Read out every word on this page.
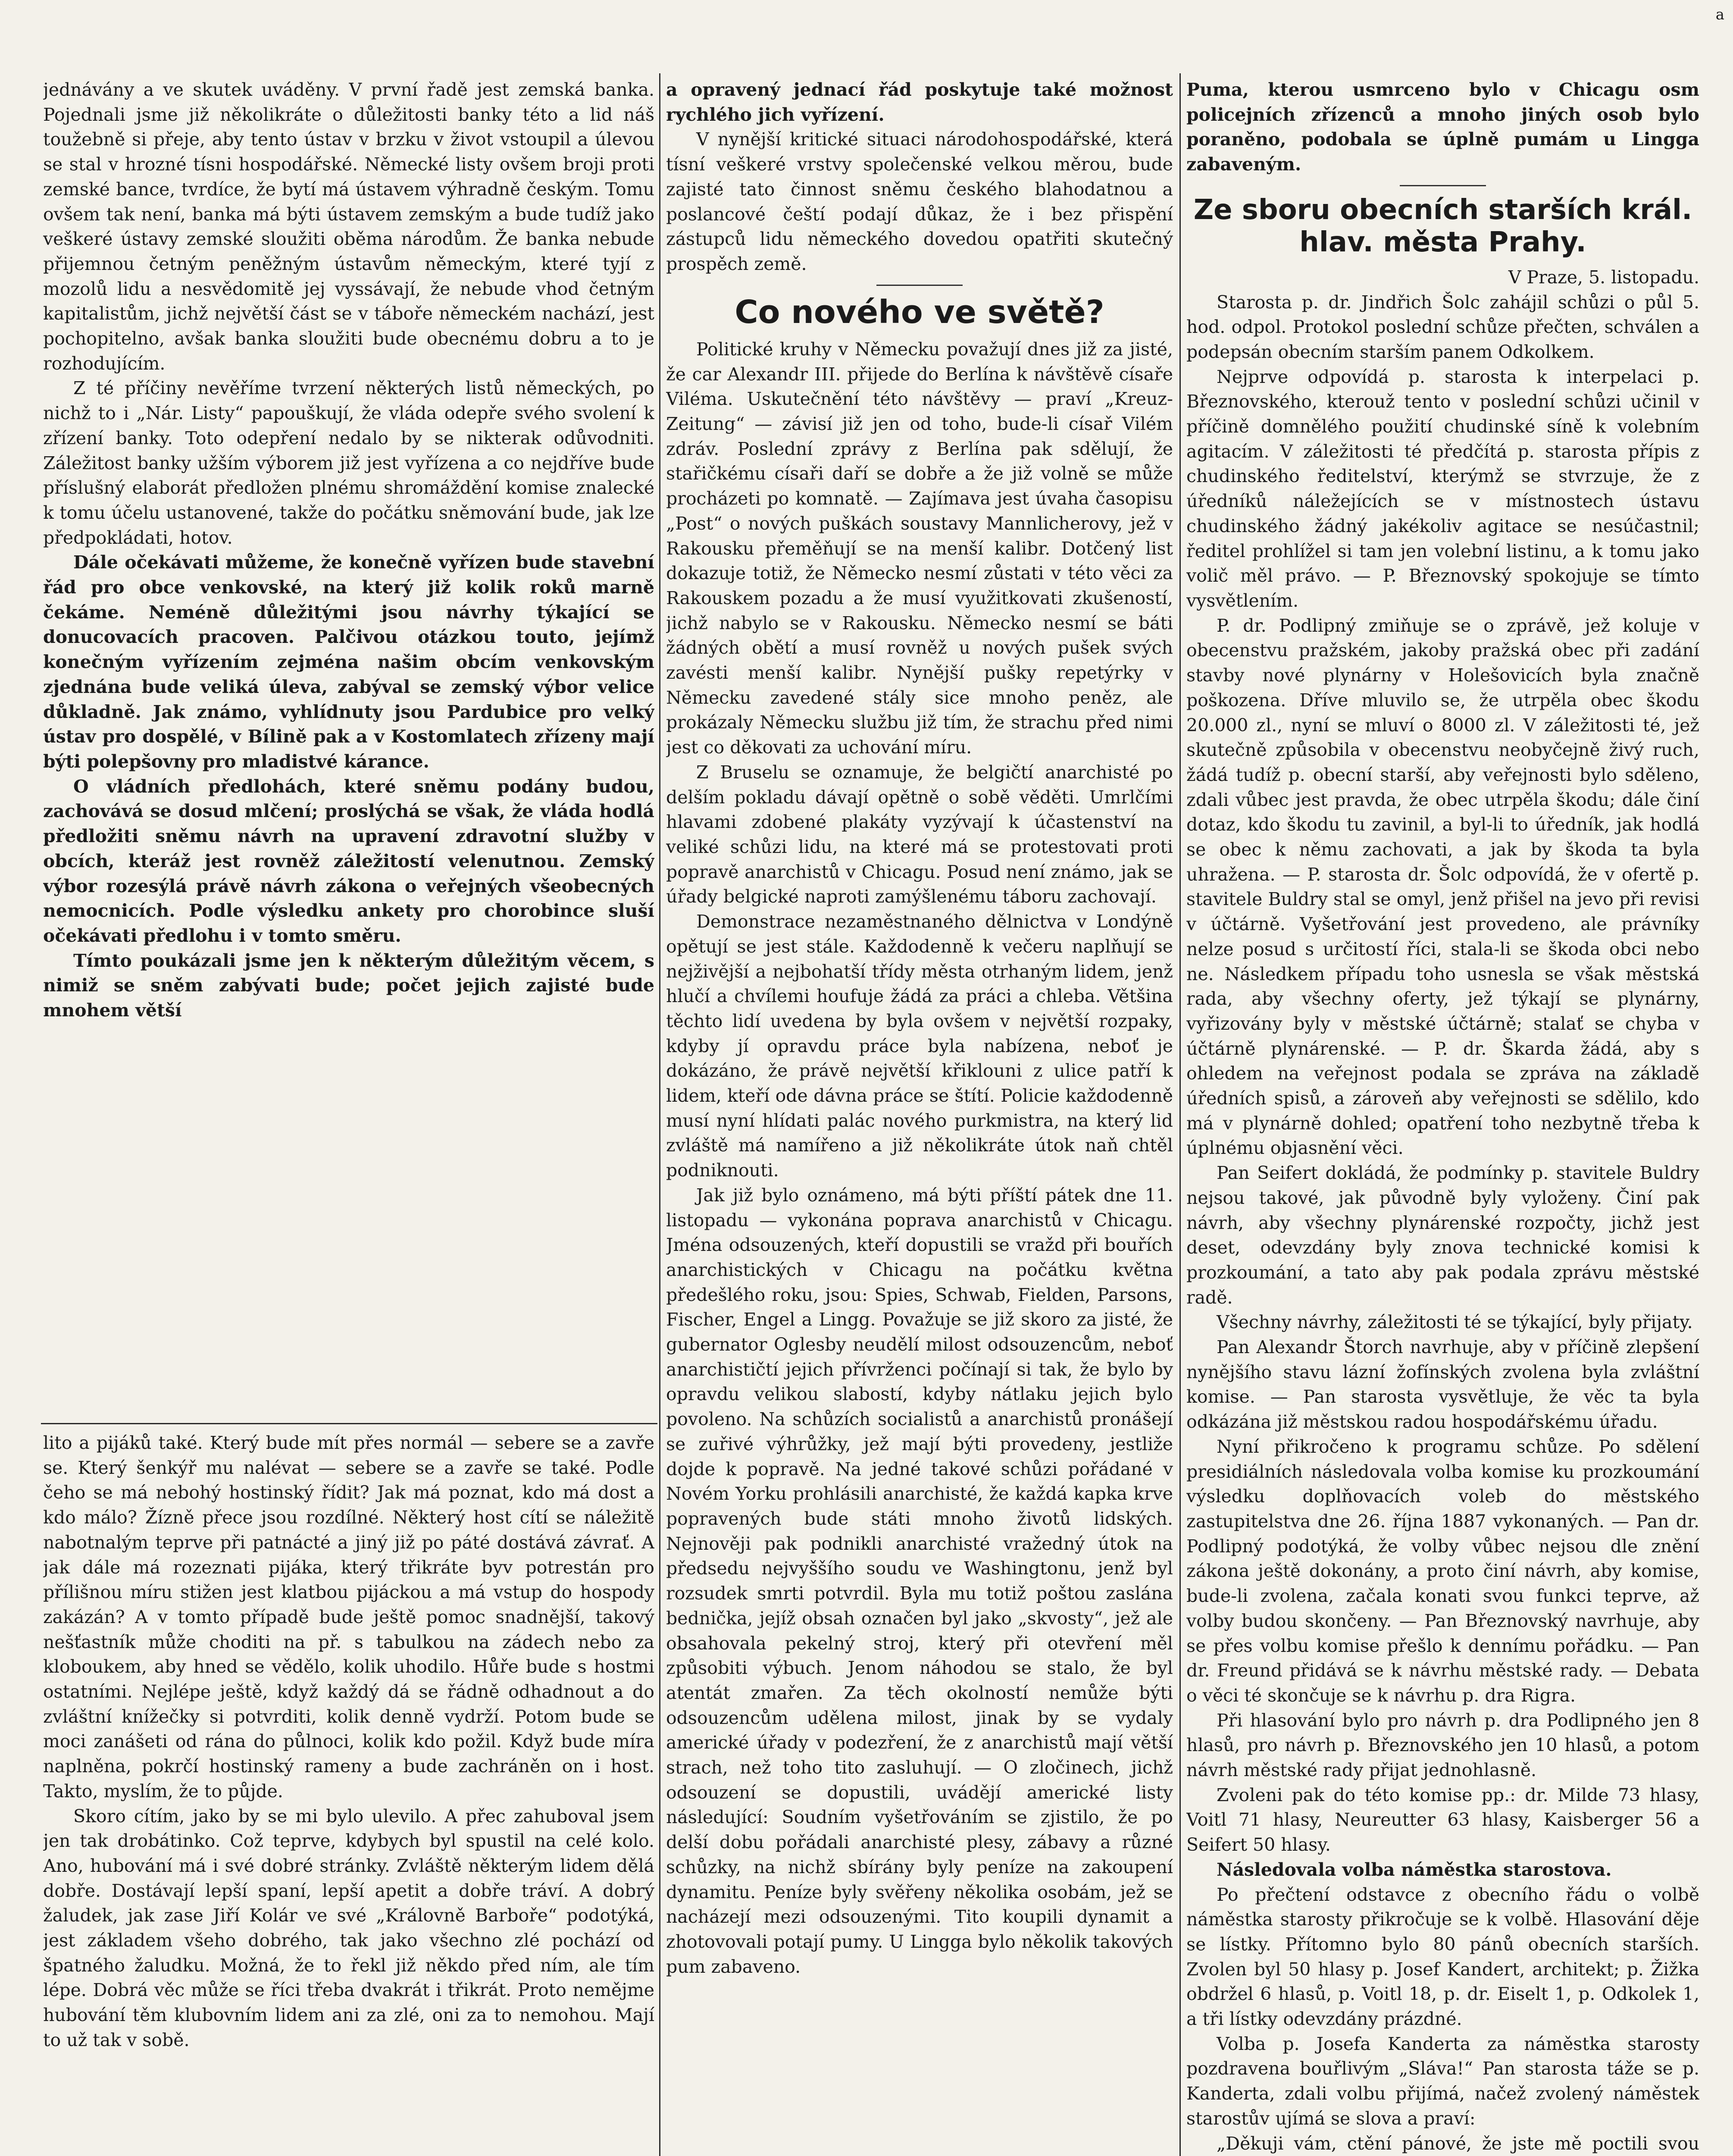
a

jednávány a ve skutek uváděny. V první řadě jest zemská banka. Pojednali jsme již několikráte o důležitosti banky této a lid náš toužebně si přeje, aby tento ústav v brzku v život vstoupil a úlevou se stal v hrozné tísni hospodářské. Německé listy ovšem broji proti zemské bance, tvrdíce, že bytí má ústavem výhradně českým. Tomu ovšem tak není, banka má býti ústavem zemským a bude tudíž jako veškeré ústavy zemské sloužiti oběma národům. Že banka nebude přijemnou četným peněžným ústavům německým, které tyjí z mozolů lidu a nesvědomitě jej vyssávají, že nebude vhod četným kapitalistům, jichž největší část se v táboře německém nachází, jest pochopitelno, avšak banka sloužiti bude obecnému dobru a to je rozhodujícím.

Z té příčiny nevěříme tvrzení některých listů německých, po nichž to i „Nár. Listy“ papouškují, že vláda odepře svého svolení k zřízení banky. Toto odepření nedalo by se nikterak odůvodniti. Záležitost banky užším výborem již jest vyřízena a co nejdříve bude příslušný elaborát předložen plnému shromáždění komise znalecké k tomu účelu ustanovené, takže do počátku sněmování bude, jak lze předpokládati, hotov.

Dále očekávati můžeme, že konečně vyřízen bude stavební řád pro obce venkovské, na který již kolik roků marně čekáme. Neméně důležitými jsou návrhy týkající se donucovacích pracoven. Palčivou otázkou touto, jejímž konečným vyřízením zejména našim obcím venkovským zjednána bude veliká úleva, zabýval se zemský výbor velice důkladně. Jak známo, vyhlídnuty jsou Pardubice pro velký ústav pro dospělé, v Bílině pak a v Kostomlatech zřízeny mají býti polepšovny pro mladistvé kárance.

O vládních předlohách, které sněmu podány budou, zachovává se dosud mlčení; proslýchá se však, že vláda hodlá předložiti sněmu návrh na upravení zdravotní služby v obcích, kteráž jest rovněž záležitostí velenutnou. Zemský výbor rozesýlá právě návrh zákona o veřejných všeobecných nemocnicích. Podle výsledku ankety pro chorobince sluší očekávati předlohu i v tomto směru.

Tímto poukázali jsme jen k některým důležitým věcem, s nimiž se sněm zabývati bude; počet jejich zajisté bude mnohem větší

lito a pijáků také. Který bude mít přes normál — sebere se a zavře se. Který šenkýř mu nalévat — sebere se a zavře se také. Podle čeho se má nebohý hostinský řídit? Jak má poznat, kdo má dost a kdo málo? Žízně přece jsou rozdílné. Některý host cítí se náležitě nabotnalým teprve při patnácté a jiný již po páté dostává závrať. A jak dále má rozeznati pijáka, který třikráte byv potrestán pro přílišnou míru stižen jest klatbou pijáckou a má vstup do hospody zakázán? A v tomto případě bude ještě pomoc snadnější, takový nešťastník může choditi na př. s tabulkou na zádech nebo za kloboukem, aby hned se vědělo, kolik uhodilo. Hůře bude s hostmi ostatními. Nejlépe ještě, když každý dá se řádně odhadnout a do zvláštní knížečky si potvrditi, kolik denně vydrží. Potom bude se moci zanášeti od rána do půlnoci, kolik kdo požil. Když bude míra naplněna, pokrčí hostinský rameny a bude zachráněn on i host. Takto, myslím, že to půjde.

Skoro cítím, jako by se mi bylo ulevilo. A přec zahuboval jsem jen tak drobátinko. Což teprve, kdybych byl spustil na celé kolo. Ano, hubování má i své dobré stránky. Zvláště některým lidem dělá dobře. Dostávají lepší spaní, lepší apetit a dobře tráví. A dobrý žaludek, jak zase Jiří Kolár ve své „Královně Barboře“ podotýká, jest základem všeho dobrého, tak jako všechno zlé pochází od špatného žaludku. Možná, že to řekl již někdo před ním, ale tím lépe. Dobrá věc může se říci třeba dvakrát i třikrát. Proto nemějme hubování těm klubovním lidem ani za zlé, oni za to nemohou. Mají to už tak v sobě.

a opravený jednací řád poskytuje také možnost rychlého jich vyřízení.

V nynější kritické situaci národohospodářské, která tísní veškeré vrstvy společenské velkou měrou, bude zajisté tato činnost sněmu českého blahodatnou a poslancové čeští podají důkaz, že i bez přispění zástupců lidu německého dovedou opatřiti skutečný prospěch země.

Co nového ve světě?

Politické kruhy v Německu považují dnes již za jisté, že car Alexandr III. přijede do Berlína k návštěvě císaře Viléma. Uskutečnění této návštěvy — praví „Kreuz-Zeitung“ — závisí již jen od toho, bude-li císař Vilém zdráv. Poslední zprávy z Berlína pak sdělují, že stařičkému císaři daří se dobře a že již volně se může procházeti po komnatě. — Zajímava jest úvaha časopisu „Post“ o nových puškách soustavy Mannlicherovy, jež v Rakousku přeměňují se na menší kalibr. Dotčený list dokazuje totiž, že Německo nesmí zůstati v této věci za Rakouskem pozadu a že musí využitkovati zkušeností, jichž nabylo se v Rakousku. Německo nesmí se báti žádných obětí a musí rovněž u nových pušek svých zavésti menší kalibr. Nynější pušky repetýrky v Německu zavedené stály sice mnoho peněz, ale prokázaly Německu službu již tím, že strachu před nimi jest co děkovati za uchování míru.

Z Bruselu se oznamuje, že belgičtí anarchisté po delším pokladu dávají opětně o sobě věděti. Umrlčími hlavami zdobené plakáty vyzývají k účastenství na veliké schůzi lidu, na které má se protestovati proti popravě anarchistů v Chicagu. Posud není známo, jak se úřady belgické naproti zamýšlenému táboru zachovají.

Demonstrace nezaměstnaného dělnictva v Londýně opětují se jest stále. Každodenně k večeru naplňují se nejživější a nejbohatší třídy města otrhaným lidem, jenž hlučí a chvílemi houfuje žádá za práci a chleba. Většina těchto lidí uvedena by byla ovšem v největší rozpaky, kdyby jí opravdu práce byla nabízena, neboť je dokázáno, že právě největší křiklouni z ulice patří k lidem, kteří ode dávna práce se štítí. Policie každodenně musí nyní hlídati palác nového purkmistra, na který lid zvláště má namířeno a již několikráte útok naň chtěl podniknouti.

Jak již bylo oznámeno, má býti příští pátek dne 11. listopadu — vykonána poprava anarchistů v Chicagu. Jména odsouzených, kteří dopustili se vražd při bouřích anarchistických v Chicagu na počátku května předešlého roku, jsou: Spies, Schwab, Fielden, Parsons, Fischer, Engel a Lingg. Považuje se již skoro za jisté, že gubernator Oglesby neudělí milost odsouzencům, neboť anarchističtí jejich přívrženci počínají si tak, že bylo by opravdu velikou slabostí, kdyby nátlaku jejich bylo povoleno. Na schůzích socialistů a anarchistů pronášejí se zuřivé výhrůžky, jež mají býti provedeny, jestliže dojde k popravě. Na jedné takové schůzi pořádané v Novém Yorku prohlásili anarchisté, že každá kapka krve popravených bude státi mnoho životů lidských. Nejnověji pak podnikli anarchisté vražedný útok na předsedu nejvyššího soudu ve Washingtonu, jenž byl rozsudek smrti potvrdil. Byla mu totiž poštou zaslána bednička, jejíž obsah označen byl jako „skvosty“, jež ale obsahovala pekelný stroj, který při otevření měl způsobiti výbuch. Jenom náhodou se stalo, že byl atentát zmařen. Za těch okolností nemůže býti odsouzencům udělena milost, jinak by se vydaly americké úřady v podezření, že z anarchistů mají větší strach, než toho tito zasluhují. — O zločinech, jichž odsouzení se dopustili, uvádějí americké listy následující: Soudním vyšetřováním se zjistilo, že po delší dobu pořádali anarchisté plesy, zábavy a různé schůzky, na nichž sbírány byly peníze na zakoupení dynamitu. Peníze byly svěřeny několika osobám, jež se nacházejí mezi odsouzenými. Tito koupili dynamit a zhotovovali potají pumy. U Lingga bylo několik takových pum zabaveno.

Puma, kterou usmrceno bylo v Chicagu osm policejních zřízenců a mnoho jiných osob bylo poraněno, podobala se úplně pumám u Lingga zabaveným.

Ze sboru obecních starších král. hlav. města Prahy.

V Praze, 5. listopadu.

Starosta p. dr. Jindřich Šolc zahájil schůzi o půl 5. hod. odpol. Protokol poslední schůze přečten, schválen a podepsán obecním starším panem Odkolkem.

Nejprve odpovídá p. starosta k interpelaci p. Březnovského, kterouž tento v poslední schůzi učinil v příčině domnělého použití chudinské síně k volebním agitacím. V záležitosti té předčítá p. starosta přípis z chudinského ředitelství, kterýmž se stvrzuje, že z úředníků náležejících se v místnostech ústavu chudinského žádný jakékoliv agitace se nesúčastnil; ředitel prohlížel si tam jen volební listinu, a k tomu jako volič měl právo. — P. Březnovský spokojuje se tímto vysvětlením.

P. dr. Podlipný zmiňuje se o zprávě, jež koluje v obecenstvu pražském, jakoby pražská obec při zadání stavby nové plynárny v Holešovicích byla značně poškozena. Dříve mluvilo se, že utrpěla obec škodu 20.000 zl., nyní se mluví o 8000 zl. V záležitosti té, jež skutečně způsobila v obecenstvu neobyčejně živý ruch, žádá tudíž p. obecní starší, aby veřejnosti bylo sděleno, zdali vůbec jest pravda, že obec utrpěla škodu; dále činí dotaz, kdo škodu tu zavinil, a byl-li to úředník, jak hodlá se obec k němu zachovati, a jak by škoda ta byla uhražena. — P. starosta dr. Šolc odpovídá, že v ofertě p. stavitele Buldry stal se omyl, jenž přišel na jevo při revisi v účtárně. Vyšetřování jest provedeno, ale právníky nelze posud s určitostí říci, stala-li se škoda obci nebo ne. Následkem případu toho usnesla se však městská rada, aby všechny oferty, jež týkají se plynárny, vyřizovány byly v městské účtárně; stalať se chyba v účtárně plynárenské. — P. dr. Škarda žádá, aby s ohledem na veřejnost podala se zpráva na základě úředních spisů, a zároveň aby veřejnosti se sdělilo, kdo má v plynárně dohled; opatření toho nezbytně třeba k úplnému objasnění věci.

Pan Seifert dokládá, že podmínky p. stavitele Buldry nejsou takové, jak původně byly vyloženy. Činí pak návrh, aby všechny plynárenské rozpočty, jichž jest deset, odevzdány byly znova technické komisi k prozkoumání, a tato aby pak podala zprávu městské radě.

Všechny návrhy, záležitosti té se týkající, byly přijaty.

Pan Alexandr Štorch navrhuje, aby v příčině zlepšení nynějšího stavu lázní žofínských zvolena byla zvláštní komise. — Pan starosta vysvětluje, že věc ta byla odkázána již městskou radou hospodářskému úřadu.

Nyní přikročeno k programu schůze. Po sdělení presidiálních následovala volba komise ku prozkoumání výsledku doplňovacích voleb do městského zastupitelstva dne 26. října 1887 vykonaných. — Pan dr. Podlipný podotýká, že volby vůbec nejsou dle znění zákona ještě dokonány, a proto činí návrh, aby komise, bude-li zvolena, začala konati svou funkci teprve, až volby budou skončeny. — Pan Březnovský navrhuje, aby se přes volbu komise přešlo k dennímu pořádku. — Pan dr. Freund přidává se k návrhu městské rady. — Debata o věci té skončuje se k návrhu p. dra Rigra.

Při hlasování bylo pro návrh p. dra Podlipného jen 8 hlasů, pro návrh p. Březnovského jen 10 hlasů, a potom návrh městské rady přijat jednohlasně.

Zvoleni pak do této komise pp.: dr. Milde 73 hlasy, Voitl 71 hlasy, Neureutter 63 hlasy, Kaisberger 56 a Seifert 50 hlasy.

Následovala volba náměstka starostova.

Po přečtení odstavce z obecního řádu o volbě náměstka starosty přikročuje se k volbě. Hlasování děje se lístky. Přítomno bylo 80 pánů obecních starších. Zvolen byl 50 hlasy p. Josef Kandert, architekt; p. Žižka obdržel 6 hlasů, p. Voitl 18, p. dr. Eiselt 1, p. Odkolek 1, a tři lístky odevzdány prázdné.

Volba p. Josefa Kanderta za náměstka starosty pozdravena bouřlivým „Sláva!“ Pan starosta táže se p. Kanderta, zdali volbu přijímá, načež zvolený náměstek starostův ujímá se slova a praví:

„Děkuji vám, ctění pánové, že jste mě poctili svou
